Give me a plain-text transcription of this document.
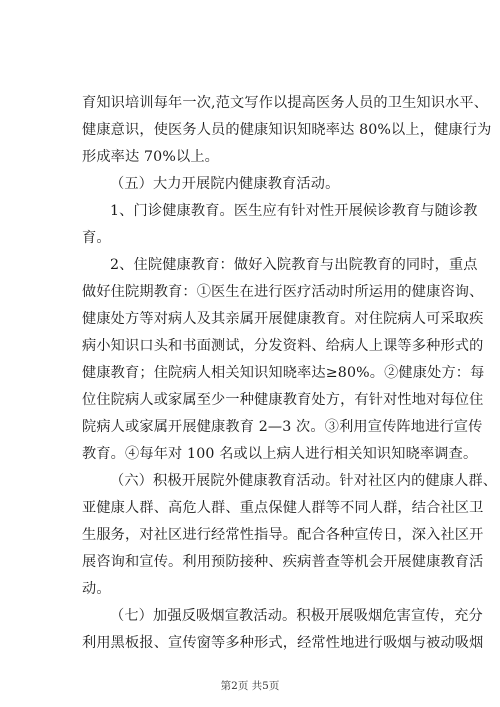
育知识培训每年一次,范文写作以提高医务人员的卫生知识水平、
健康意识，使医务人员的健康知识知晓率达 80%以上，健康行为
形成率达 70%以上。
（五）大力开展院内健康教育活动。
1、门诊健康教育。医生应有针对性开展候诊教育与随诊教
育。
2、住院健康教育：做好入院教育与出院教育的同时，重点
做好住院期教育：①医生在进行医疗活动时所运用的健康咨询、
健康处方等对病人及其亲属开展健康教育。对住院病人可采取疾
病小知识口头和书面测试，分发资料、给病人上课等多种形式的
健康教育；住院病人相关知识知晓率达≥80%。②健康处方：每
位住院病人或家属至少一种健康教育处方，有针对性地对每位住
院病人或家属开展健康教育 2—3 次。③利用宣传阵地进行宣传
教育。④每年对 100 名或以上病人进行相关知识知晓率调查。
（六）积极开展院外健康教育活动。针对社区内的健康人群、
亚健康人群、高危人群、重点保健人群等不同人群，结合社区卫
生服务，对社区进行经常性指导。配合各种宣传日，深入社区开
展咨询和宣传。利用预防接种、疾病普查等机会开展健康教育活
动。
（七）加强反吸烟宣教活动。积极开展吸烟危害宣传，充分
利用黑板报、宣传窗等多种形式，经常性地进行吸烟与被动吸烟
第2页 共5页
